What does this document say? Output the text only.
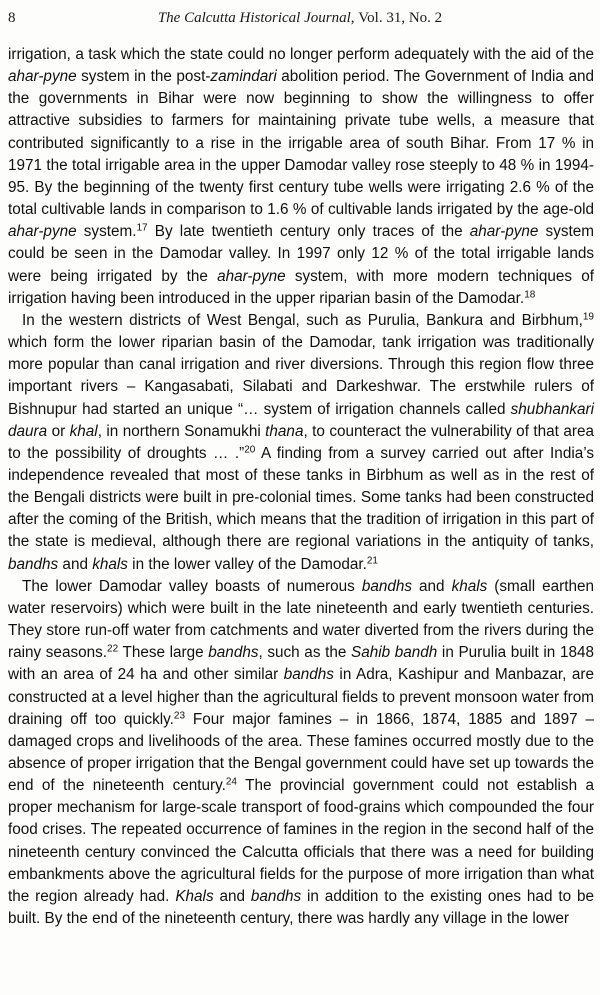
8	The Calcutta Historical Journal, Vol. 31, No. 2

irrigation, a task which the state could no longer perform adequately with the aid of the ahar-pyne system in the post-zamindari abolition period. The Government of India and the governments in Bihar were now beginning to show the willingness to offer attractive subsidies to farmers for maintaining private tube wells, a measure that contributed significantly to a rise in the irrigable area of south Bihar. From 17 % in 1971 the total irrigable area in the upper Damodar valley rose steeply to 48 % in 1994-95. By the beginning of the twenty first century tube wells were irrigating 2.6 % of the total cultivable lands in comparison to 1.6 % of cultivable lands irrigated by the age-old ahar-pyne system.$^{17}$ By late twentieth century only traces of the ahar-pyne system could be seen in the Damodar valley. In 1997 only 12 % of the total irrigable lands were being irrigated by the ahar-pyne system, with more modern techniques of irrigation having been introduced in the upper riparian basin of the Damodar.$^{18}$

In the western districts of West Bengal, such as Purulia, Bankura and Birbhum,$^{19}$ which form the lower riparian basin of the Damodar, tank irrigation was traditionally more popular than canal irrigation and river diversions. Through this region flow three important rivers – Kangasabati, Silabati and Darkeshwar. The erstwhile rulers of Bishnupur had started an unique “… system of irrigation channels called shubhankari daura or khal, in northern Sonamukhi thana, to counteract the vulnerability of that area to the possibility of droughts … .”$^{20}$ A finding from a survey carried out after India’s independence revealed that most of these tanks in Birbhum as well as in the rest of the Bengali districts were built in pre-colonial times. Some tanks had been constructed after the coming of the British, which means that the tradition of irrigation in this part of the state is medieval, although there are regional variations in the antiquity of tanks, bandhs and khals in the lower valley of the Damodar.$^{21}$

The lower Damodar valley boasts of numerous bandhs and khals (small earthen water reservoirs) which were built in the late nineteenth and early twentieth centuries. They store run-off water from catchments and water diverted from the rivers during the rainy seasons.$^{22}$ These large bandhs, such as the Sahib bandh in Purulia built in 1848 with an area of 24 ha and other similar bandhs in Adra, Kashipur and Manbazar, are constructed at a level higher than the agricultural fields to prevent monsoon water from draining off too quickly.$^{23}$ Four major famines – in 1866, 1874, 1885 and 1897 – damaged crops and livelihoods of the area. These famines occurred mostly due to the absence of proper irrigation that the Bengal government could have set up towards the end of the nineteenth century.$^{24}$ The provincial government could not establish a proper mechanism for large-scale transport of food-grains which compounded the four food crises. The repeated occurrence of famines in the region in the second half of the nineteenth century convinced the Calcutta officials that there was a need for building embankments above the agricultural fields for the purpose of more irrigation than what the region already had. Khals and bandhs in addition to the existing ones had to be built. By the end of the nineteenth century, there was hardly any village in the lower
